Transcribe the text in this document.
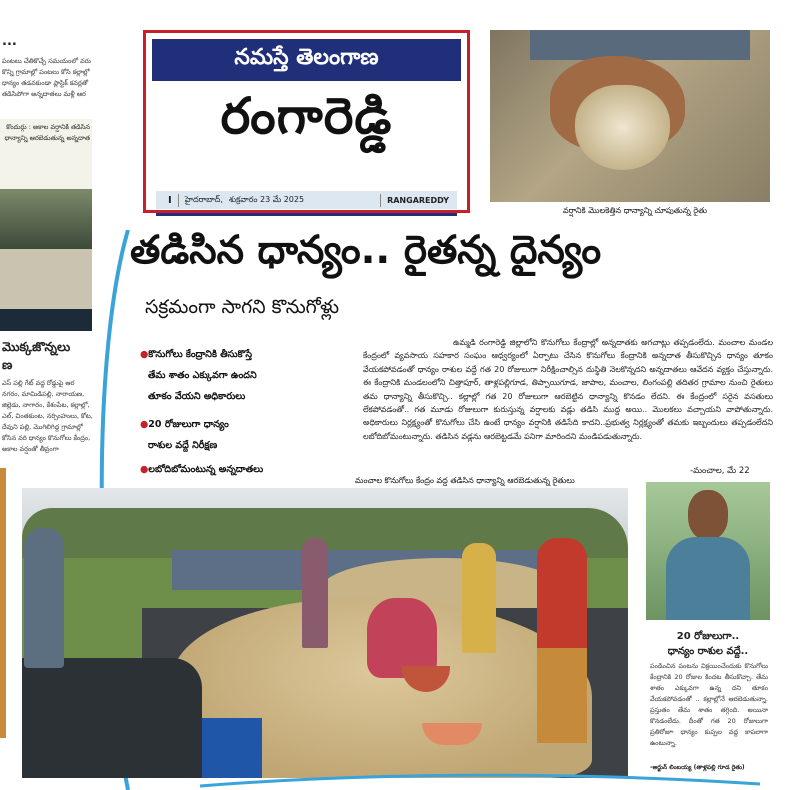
...
పంటలు చేతికొచ్చే సమయంలో వరు కొన్ని గ్రామాల్లో పంటలు కోసి కల్లాల్లో ధాన్యం తడవకుండా ప్లాస్టిక్ కవర్లతో తడిసిపోగా అన్నదాతలు మళ్లీ ఆర
కొందుర్గు : అకాల వర్షానికి తడిసిన ధాన్యాన్ని ఆరబెడుతున్న అన్నదాత
మొక్కజొన్నలు
ణ
ఎస్ పల్లి గేట్ వద్ద రోడ్డుపై ఆర నగరం, మామిడిపల్లి, నారాయణ, జిల్లెడు, నాగారం, కేశంపేట, కల్లాల్లో, ఎల్, చింతకుంట, నర్సింహులు, కోట, దేవుని పల్లి, మొగిలిగిద్ద గ్రామాల్లో కోసిన వరి ధాన్యం కొనుగోలు కేంద్రం, అకాల వర్షంతో తీవ్రంగా
నమస్తే తెలంగాణ
రంగారెడ్డి
I హైదరాబాద్, శుక్రవారం 23 మే 2025	RANGAREDDY
వర్షానికి మొలకెత్తిన ధాన్యాన్ని చూపుతున్న రైతు
తడిసిన ధాన్యం.. రైతన్న దైన్యం
సక్రమంగా సాగని కొనుగోళ్లు
●కొనుగోలు కేంద్రానికి తీసుకొస్తే
తేమ శాతం ఎక్కువగా ఉందని
తూకం వేయని అధికారులు
●20 రోజులుగా ధాన్యం
రాశుల వద్దే నిరీక్షణ
●లబోదిబోమంటున్న అన్నదాతలు
ఉమ్మడి రంగారెడ్డి జిల్లాలోని కొనుగోలు కేంద్రాల్లో అన్నదాతకు అగచాట్లు తప్పడంలేదు. మంచాల మండల కేంద్రంలో వ్యవసాయ సహకార సంఘం ఆధ్వర్యంలో ఏర్పాటు చేసిన కొనుగోలు కేంద్రానికి అన్నదాత తీసుకొచ్చిన ధాన్యం తూకం వేయకపోవడంతో ధాన్యం రాశుల వద్దే గత 20 రోజులుగా నిరీక్షించాల్సిన దుస్థితి నెలకొన్నదని అన్నదాతలు ఆవేదన వ్యక్తం చేస్తున్నారు. ఈ కేంద్రానికి మండలంలోని చిత్తాపూర్, తాళ్లపల్లిగూడ, తిప్పాయిగూడ, జాపాల, మంచాల, లింగంపల్లి తదితర గ్రామాల నుంచి రైతులు తమ ధాన్యాన్ని తీసుకొచ్చి.. కల్లాల్లో గత 20 రోజులుగా ఆరబెట్టిన ధాన్యాన్ని కొనడం లేదని. ఈ కేంద్రంలో సరైన వసతులు లేకపోవడంతో.. గత మూడు రోజులుగా కురుస్తున్న వర్షాలకు వడ్లు తడిసి ముద్ద అయి.. మొలకలు వచ్చాయని వాపోతున్నారు. అధికారులు నిర్లక్ష్యంతో కొనుగోలు చేసి ఉంటే ధాన్యం వర్షానికి తడిసేది కాదని..ప్రభుత్వ నిర్లక్ష్యంతో తమకు ఇబ్బందులు తప్పడంలేదని లబోదిబోమంటున్నారు. తడిసిన వడ్లను ఆరబెట్టడమే పనిగా మారిందని మండిపడుతున్నారు.
-మంచాల, మే 22
మంచాల కొనుగోలు కేంద్రం వద్ద తడిసిన ధాన్యాన్ని ఆరబెడుతున్న రైతులు
20 రోజులుగా..
ధాన్యం రాశుల వద్దే..
పండించిన పంటను విక్రయించేందుకు కొనుగోలు కేంద్రానికి 20 రోజుల కిందట తీసుకొచ్చా. తేమ శాతం ఎక్కువగా ఉన్న దని తూకం వేయకపోవడంతో .. కల్లాల్లోనే ఆరబెడుతున్నా. ప్రస్తుతం తేమ శాతం తగ్గింది. అయినా కొనడంలేదు. దీంతో గత 20 రోజులుగా ప్రతిరోజూ ధాన్యం కుప్పల వద్ద కాపలాగా ఉంటున్నా.
-అర్జున్ లింబయ్య (తాళ్లపల్లి గూడ రైతు)
